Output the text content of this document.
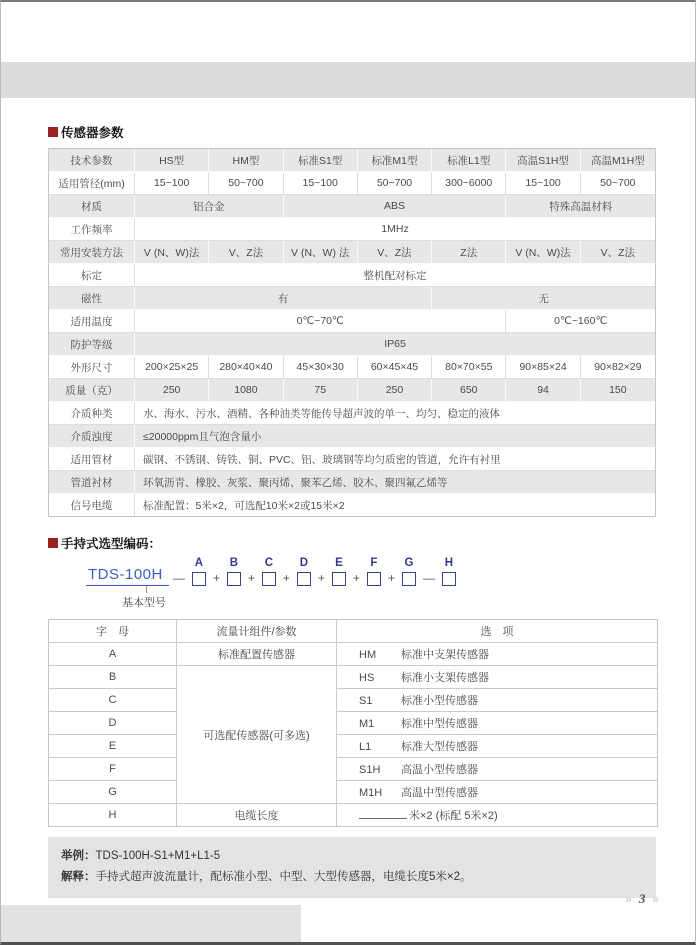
传感器参数
技术参数	HS型	HM型	标准S1型	标准M1型	标准L1型	高温S1H型	高温M1H型
适用管径(mm)	15~100	50~700	15~100	50~700	300~6000	15~100	50~700
材质	铝合金		ABS			特殊高温材料	
工作频率	1MHz						
常用安装方法	V (N、W)法	V、Z法	V (N、W) 法	V、Z法	Z法	V (N、W)法	V、Z法
标定	整机配对标定						
磁性	有				无		
适用温度	0℃~70℃					0℃~160℃	
防护等级	IP65						
外形尺寸	200×25×25	280×40×40	45×30×30	60×45×45	80×70×55	90×85×24	90×82×29
质量（克）	250	1080	75	250	650	94	150
介质种类	水、海水、污水、酒精、各种油类等能传导超声波的单一、均匀、稳定的液体						
介质浊度	≤20000ppm且气泡含量小						
适用管材	碳钢、不锈钢、铸铁、铜、PVC、铝、玻璃钢等均匀质密的管道，允许有衬里						
管道衬材	环氧沥青、橡胶、灰浆、聚丙烯、聚苯乙烯、胶木、聚四氟乙烯等						
信号电缆	标准配置：5米×2，可选配10米×2或15米×2						
手持式选型编码：
TDS-100H —
A
+
B
+
C
+
D
+
E
+
F
+
G
—
H
基本型号
字　母	流量计组件/参数	选　项
A	标准配置传感器	HM 标准中支架传感器
B	可选配传感器(可多选)	HS 标准小支架传感器
C		S1 标准小型传感器
D		M1 标准中型传感器
E		L1 标准大型传感器
F		S1H 高温小型传感器
G		M1H 高温中型传感器
H	电缆长度	米×2 (标配 5米×2)
举例：TDS-100H-S1+M1+L1-5
解释：手持式超声波流量计，配标准小型、中型、大型传感器，电缆长度5米×2。
» 3 »
